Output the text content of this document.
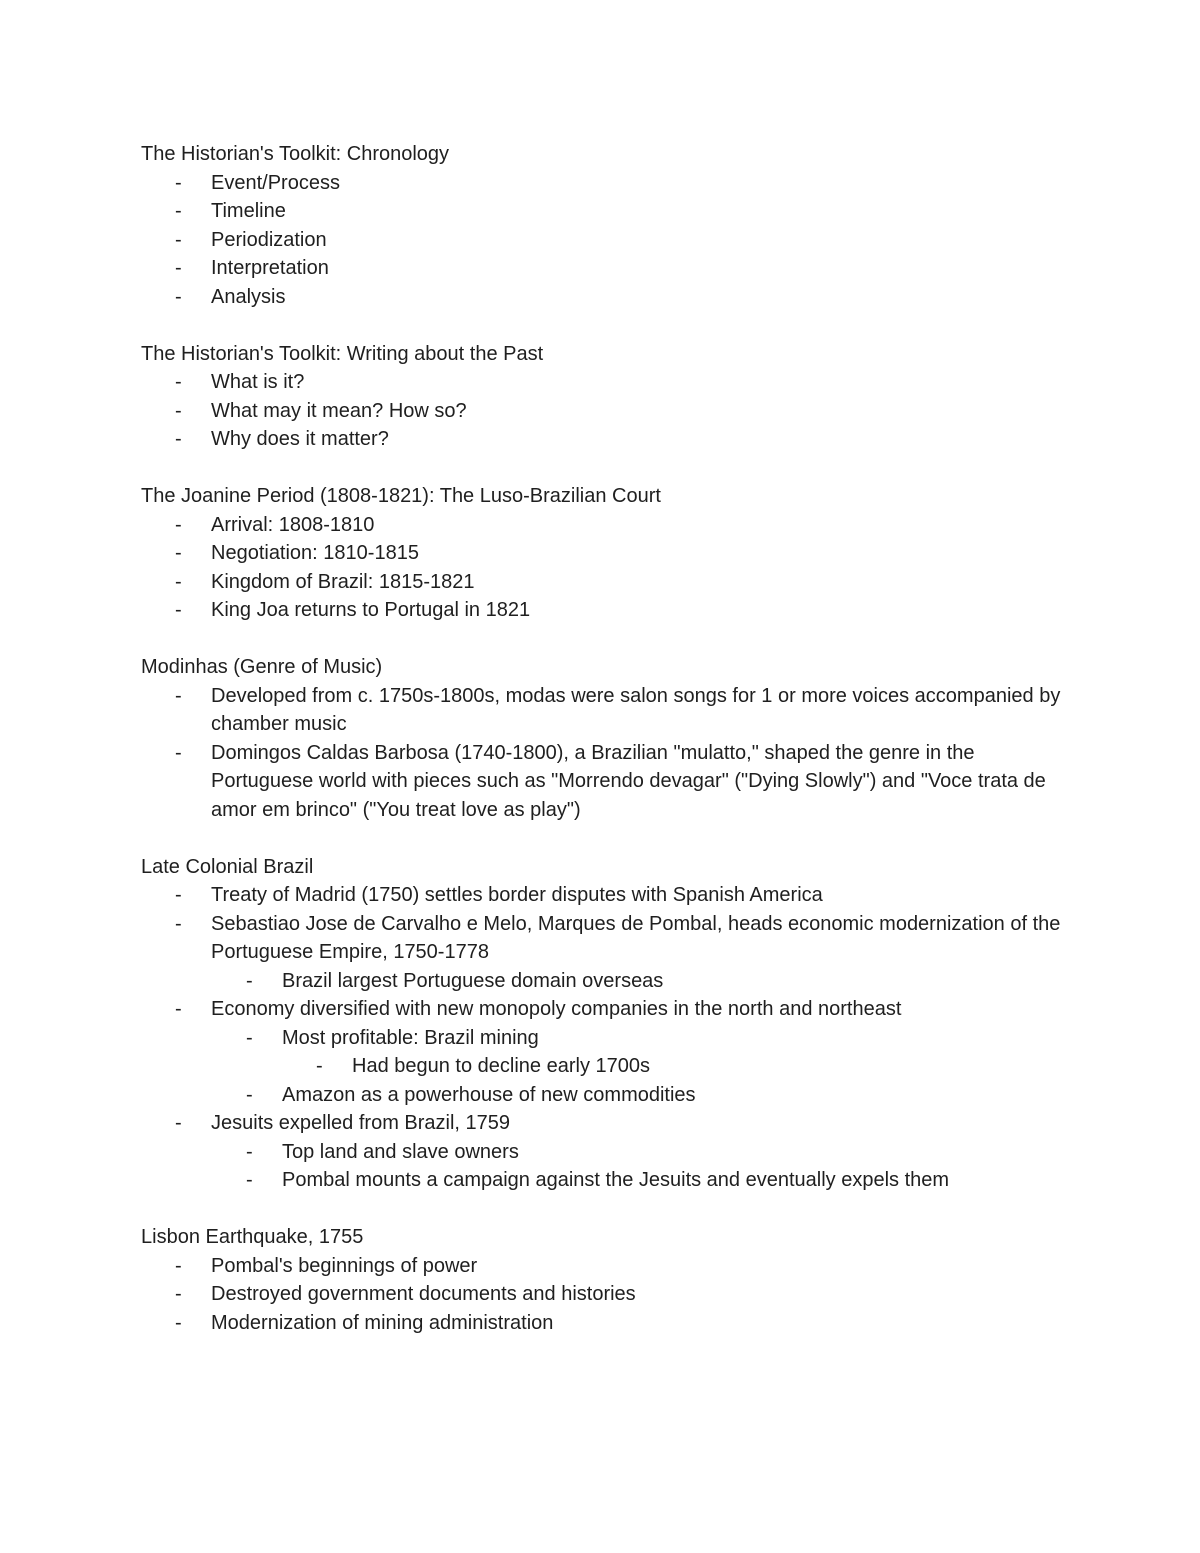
The Historian's Toolkit: Chronology
- Event/Process
- Timeline
- Periodization
- Interpretation
- Analysis
The Historian's Toolkit: Writing about the Past
- What is it?
- What may it mean? How so?
- Why does it matter?
The Joanine Period (1808-1821): The Luso-Brazilian Court
- Arrival: 1808-1810
- Negotiation: 1810-1815
- Kingdom of Brazil: 1815-1821
- King Joa returns to Portugal in 1821
Modinhas (Genre of Music)
- Developed from c. 1750s-1800s, modas were salon songs for 1 or more voices accompanied by chamber music
- Domingos Caldas Barbosa (1740-1800), a Brazilian "mulatto," shaped the genre in the Portuguese world with pieces such as "Morrendo devagar" ("Dying Slowly") and "Voce trata de amor em brinco" ("You treat love as play")
Late Colonial Brazil
- Treaty of Madrid (1750) settles border disputes with Spanish America
- Sebastiao Jose de Carvalho e Melo, Marques de Pombal, heads economic modernization of the Portuguese Empire, 1750-1778
- Brazil largest Portuguese domain overseas
- Economy diversified with new monopoly companies in the north and northeast
- Most profitable: Brazil mining
- Had begun to decline early 1700s
- Amazon as a powerhouse of new commodities
- Jesuits expelled from Brazil, 1759
- Top land and slave owners
- Pombal mounts a campaign against the Jesuits and eventually expels them
Lisbon Earthquake, 1755
- Pombal's beginnings of power
- Destroyed government documents and histories
- Modernization of mining administration
